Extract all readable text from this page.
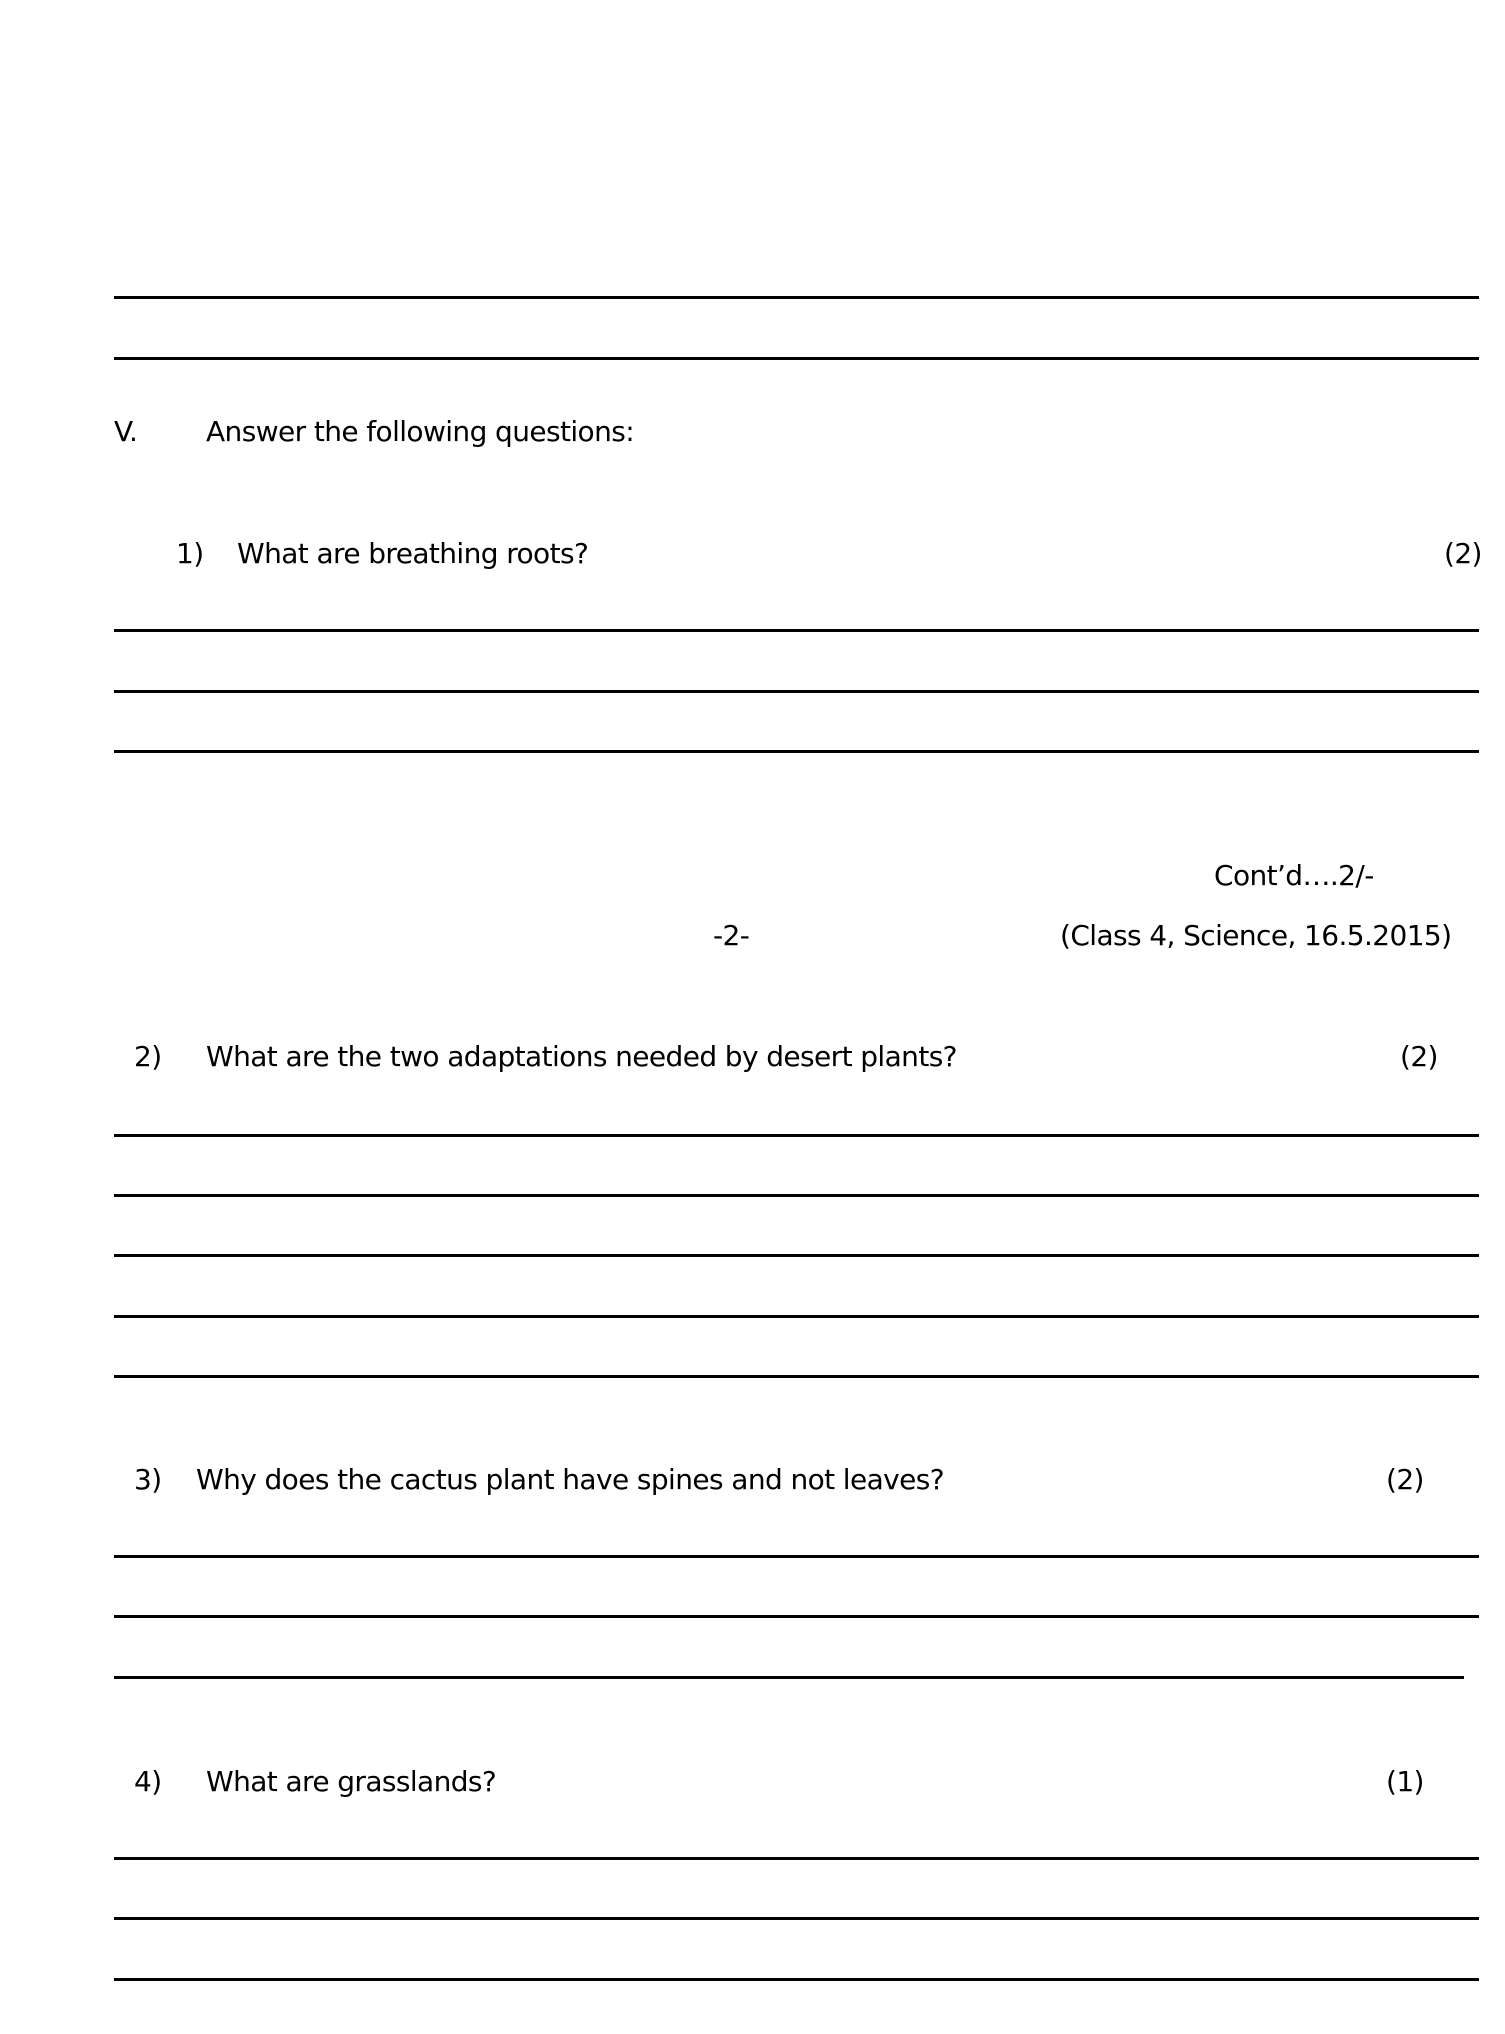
V. Answer the following questions:
1) What are breathing roots?	(2)
Cont’d….2/-
-2-	(Class 4, Science, 16.5.2015)
2) What are the two adaptations needed by desert plants?	(2)
3) Why does the cactus plant have spines and not leaves?	(2)
4) What are grasslands?	(1)
